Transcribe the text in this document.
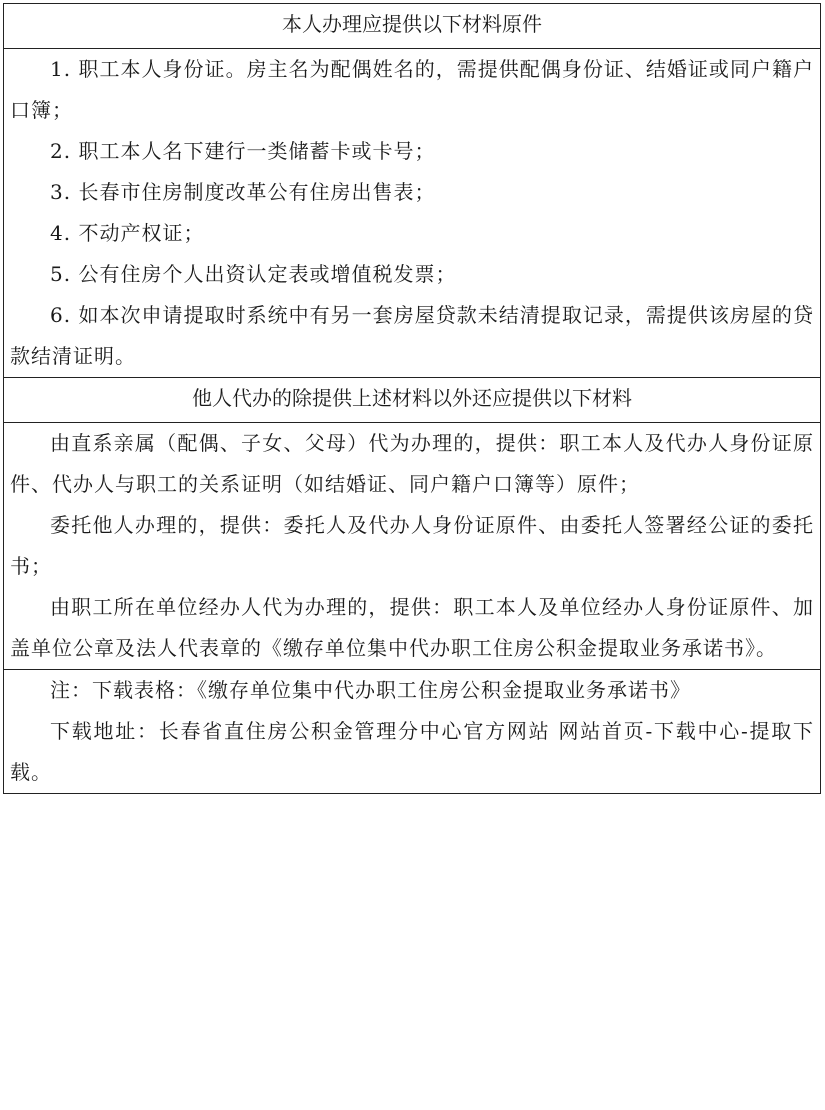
本人办理应提供以下材料原件

1. 职工本人身份证。房主名为配偶姓名的，需提供配偶身份证、结婚证或同户籍户口簿；
2. 职工本人名下建行一类储蓄卡或卡号；
3. 长春市住房制度改革公有住房出售表；
4. 不动产权证；
5. 公有住房个人出资认定表或增值税发票；
6. 如本次申请提取时系统中有另一套房屋贷款未结清提取记录，需提供该房屋的贷款结清证明。

他人代办的除提供上述材料以外还应提供以下材料

由直系亲属（配偶、子女、父母）代为办理的，提供：职工本人及代办人身份证原件、代办人与职工的关系证明（如结婚证、同户籍户口簿等）原件；
委托他人办理的，提供：委托人及代办人身份证原件、由委托人签署经公证的委托书；
由职工所在单位经办人代为办理的，提供：职工本人及单位经办人身份证原件、加盖单位公章及法人代表章的《缴存单位集中代办职工住房公积金提取业务承诺书》。

注：下载表格：《缴存单位集中代办职工住房公积金提取业务承诺书》
下载地址：长春省直住房公积金管理分中心官方网站 网站首页-下载中心-提取下载。
